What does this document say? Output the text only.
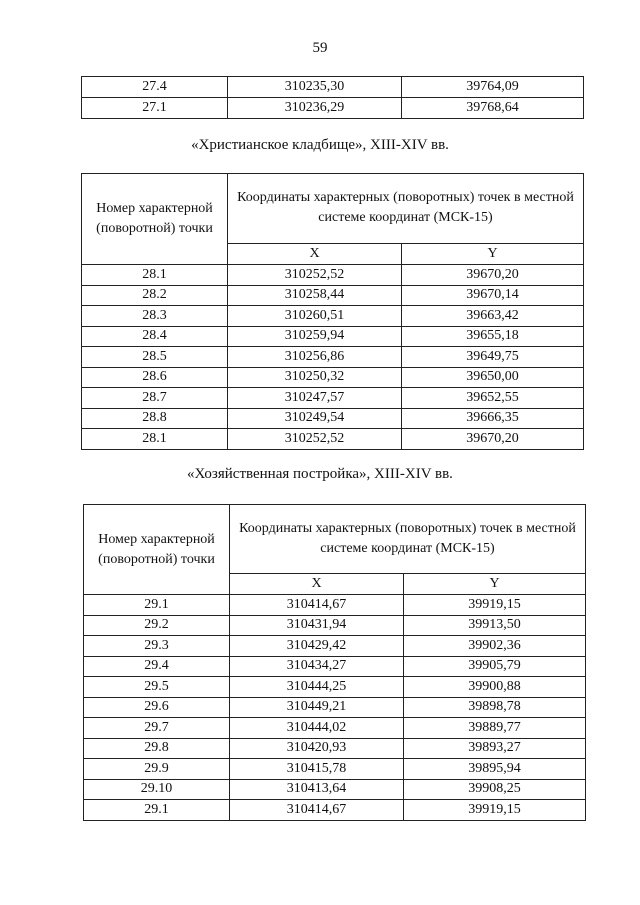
59
27.4	310235,30	39764,09
27.1	310236,29	39768,64
«Христианское кладбище», XIII-XIV вв.
Номер характерной (поворотной) точки	Координаты характерных (поворотных) точек в местной системе координат (МСК-15)	
	X	Y
28.1	310252,52	39670,20
28.2	310258,44	39670,14
28.3	310260,51	39663,42
28.4	310259,94	39655,18
28.5	310256,86	39649,75
28.6	310250,32	39650,00
28.7	310247,57	39652,55
28.8	310249,54	39666,35
28.1	310252,52	39670,20
«Хозяйственная постройка», XIII-XIV вв.
Номер характерной (поворотной) точки	Координаты характерных (поворотных) точек в местной системе координат (МСК-15)	
	X	Y
29.1	310414,67	39919,15
29.2	310431,94	39913,50
29.3	310429,42	39902,36
29.4	310434,27	39905,79
29.5	310444,25	39900,88
29.6	310449,21	39898,78
29.7	310444,02	39889,77
29.8	310420,93	39893,27
29.9	310415,78	39895,94
29.10	310413,64	39908,25
29.1	310414,67	39919,15
